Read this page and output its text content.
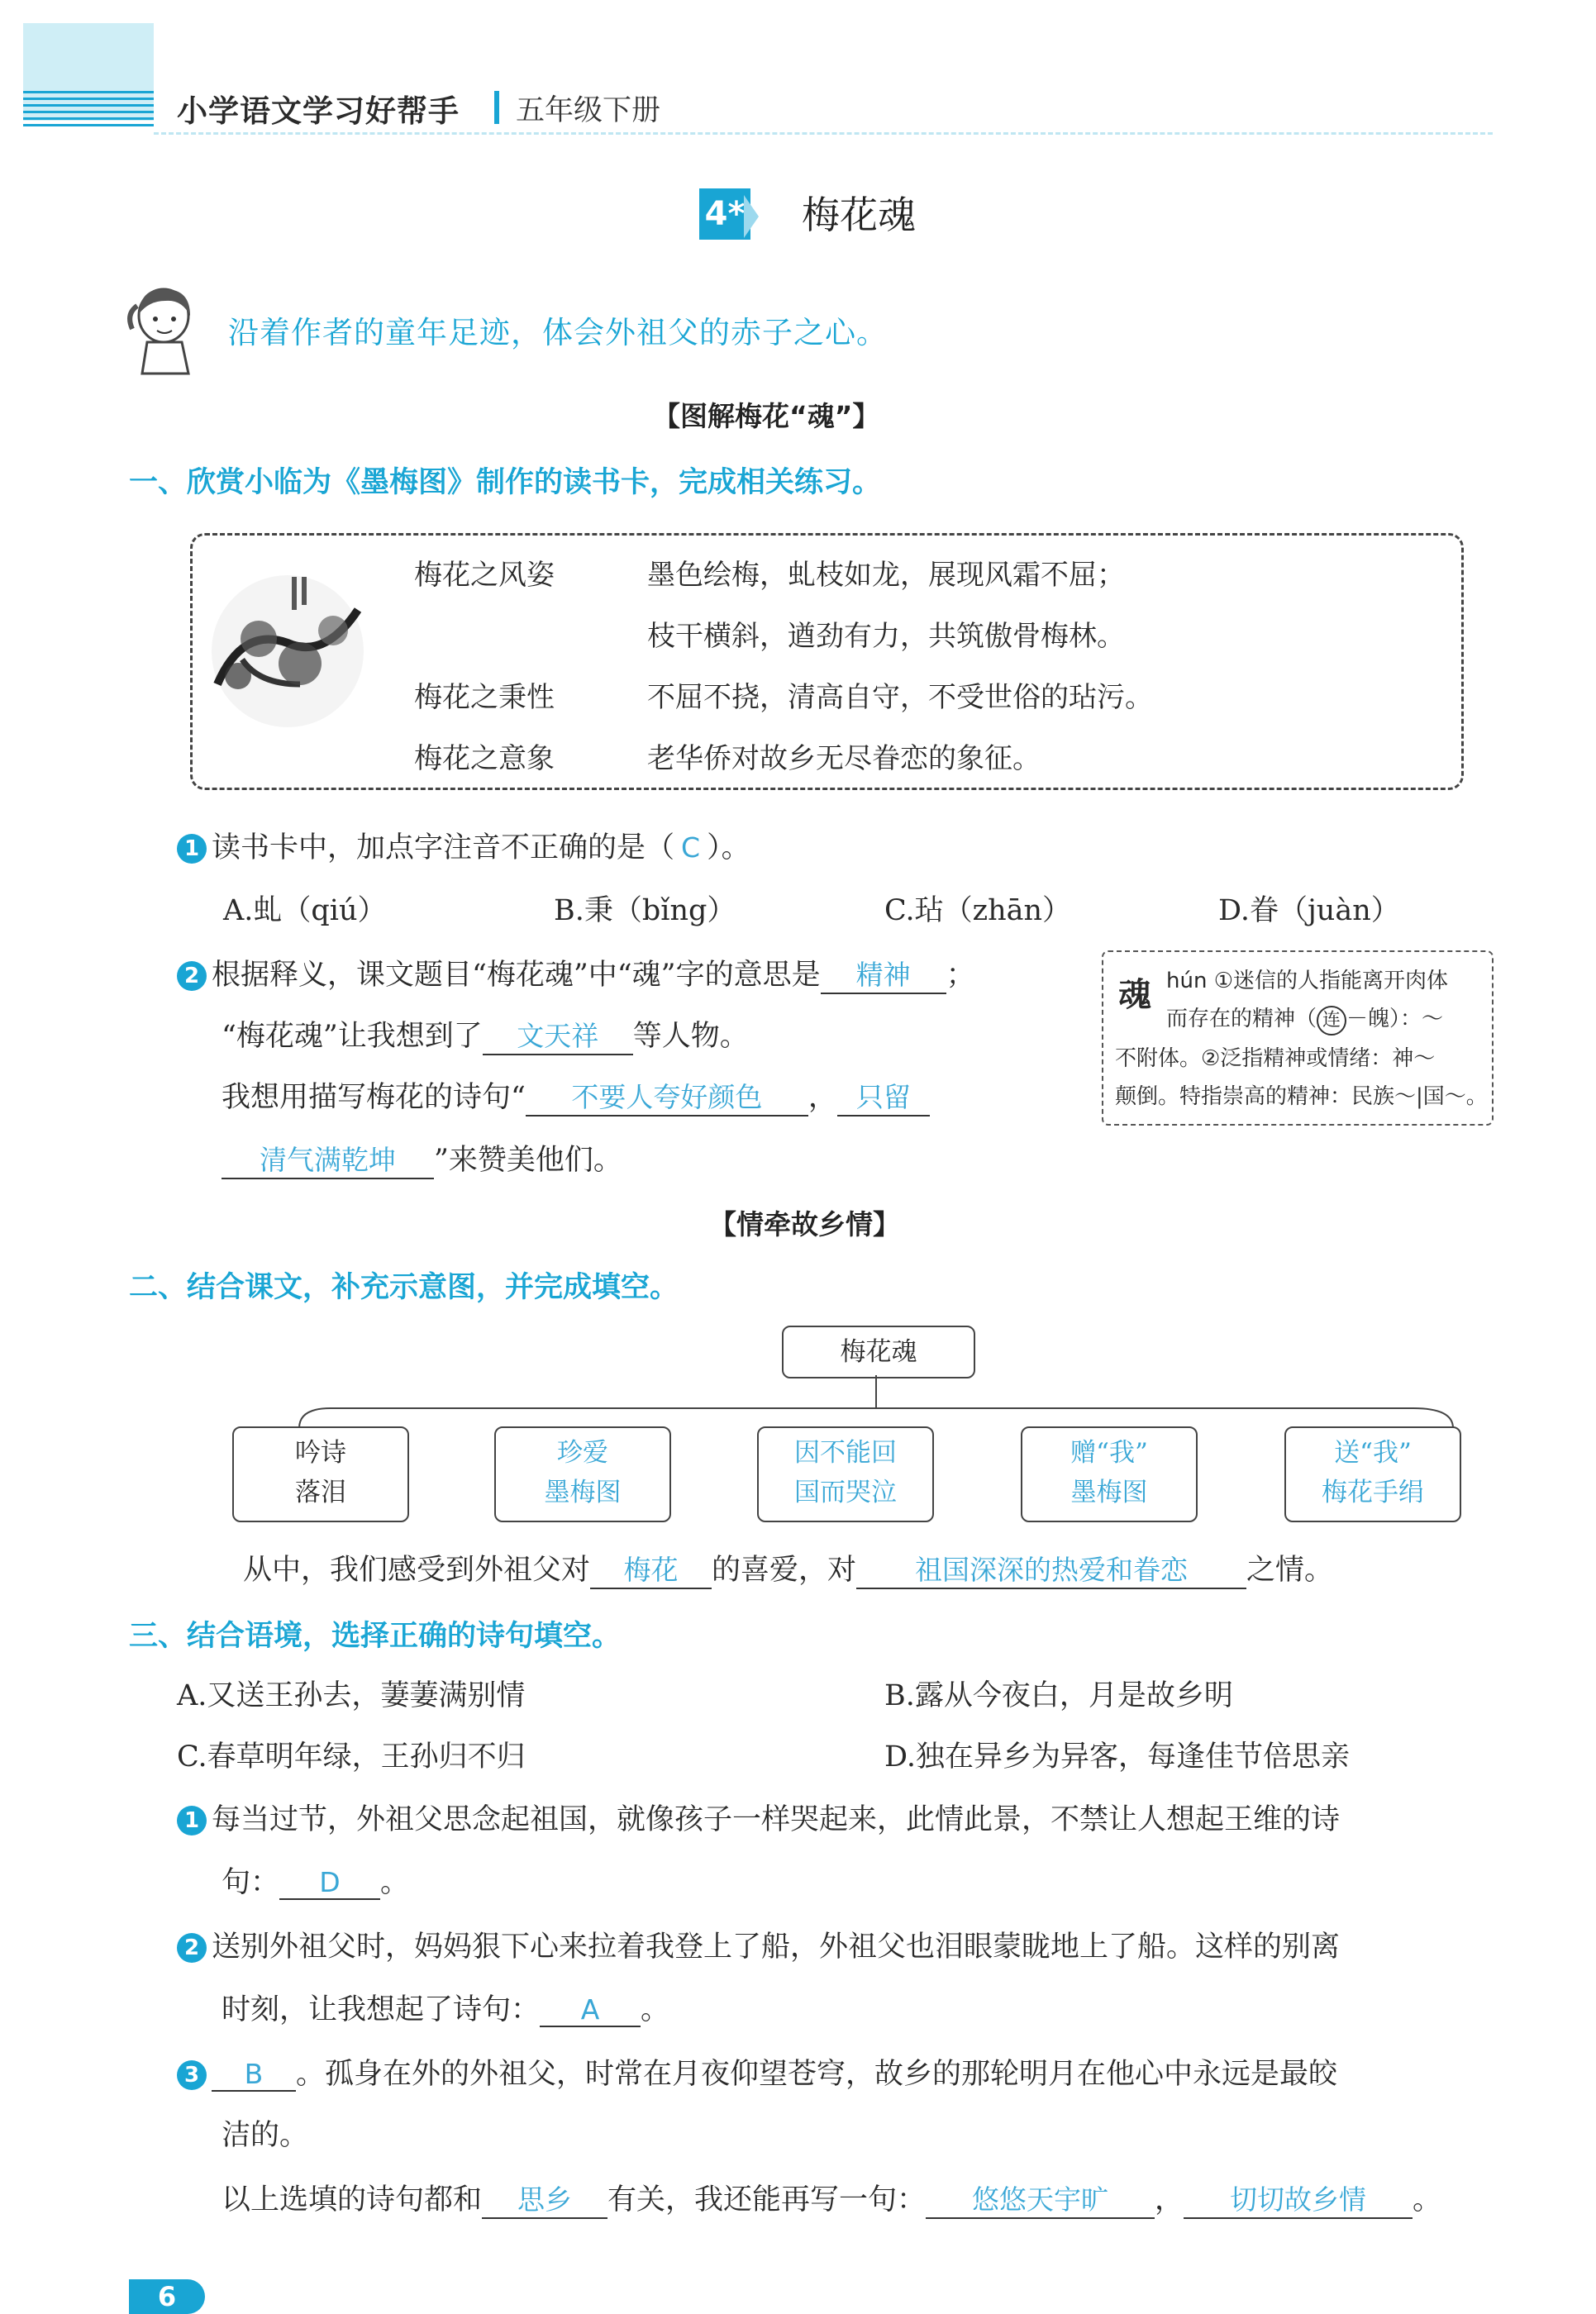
小学语文学习好帮手 五年级下册
4* 梅花魂
沿着作者的童年足迹，体会外祖父的赤子之心。
【图解梅花“魂”】
一、欣赏小临为《墨梅图》制作的读书卡，完成相关练习。
梅花之风姿	墨色绘梅，虬枝如龙，展现风霜不屈；
枝干横斜，遒劲有力，共筑傲骨梅林。
梅花之秉性	不屈不挠，清高自守，不受世俗的玷污。
梅花之意象	老华侨对故乡无尽眷恋的象征。
1 读书卡中，加点字注音不正确的是（ C ）。
A.虬（qiú）	B.秉（bǐng）	C.玷（zhān）	D.眷（juàn）
2 根据释义，课文题目“梅花魂”中“魂”字的意思是 精神 ；
“梅花魂”让我想到了 文天祥 等人物。
我想用描写梅花的诗句“ 不要人夸好颜色 ， 只留
清气满乾坤 ”来赞美他们。
魂 hún ①迷信的人指能离开肉体
而存在的精神（ 连 －魄）：～
不附体。②泛指精神或情绪：神～
颠倒。特指崇高的精神：民族～|国～。
【情牵故乡情】
二、结合课文，补充示意图，并完成填空。
梅花魂
吟诗
落泪
珍爱
墨梅图
因不能回
国而哭泣
赠“我”
墨梅图
送“我”
梅花手绢
从中，我们感受到外祖父对 梅花 的喜爱，对 祖国深深的热爱和眷恋 之情。
三、结合语境，选择正确的诗句填空。
A.又送王孙去，萋萋满别情	B.露从今夜白，月是故乡明
C.春草明年绿，王孙归不归	D.独在异乡为异客，每逢佳节倍思亲
1 每当过节，外祖父思念起祖国，就像孩子一样哭起来，此情此景，不禁让人想起王维的诗
句： D 。
2 送别外祖父时，妈妈狠下心来拉着我登上了船，外祖父也泪眼蒙眬地上了船。这样的别离
时刻，让我想起了诗句： A 。
3 B 。孤身在外的外祖父，时常在月夜仰望苍穹，故乡的那轮明月在他心中永远是最皎
洁的。
以上选填的诗句都和 思乡 有关，我还能再写一句： 悠悠天宇旷 ， 切切故乡情 。
6
